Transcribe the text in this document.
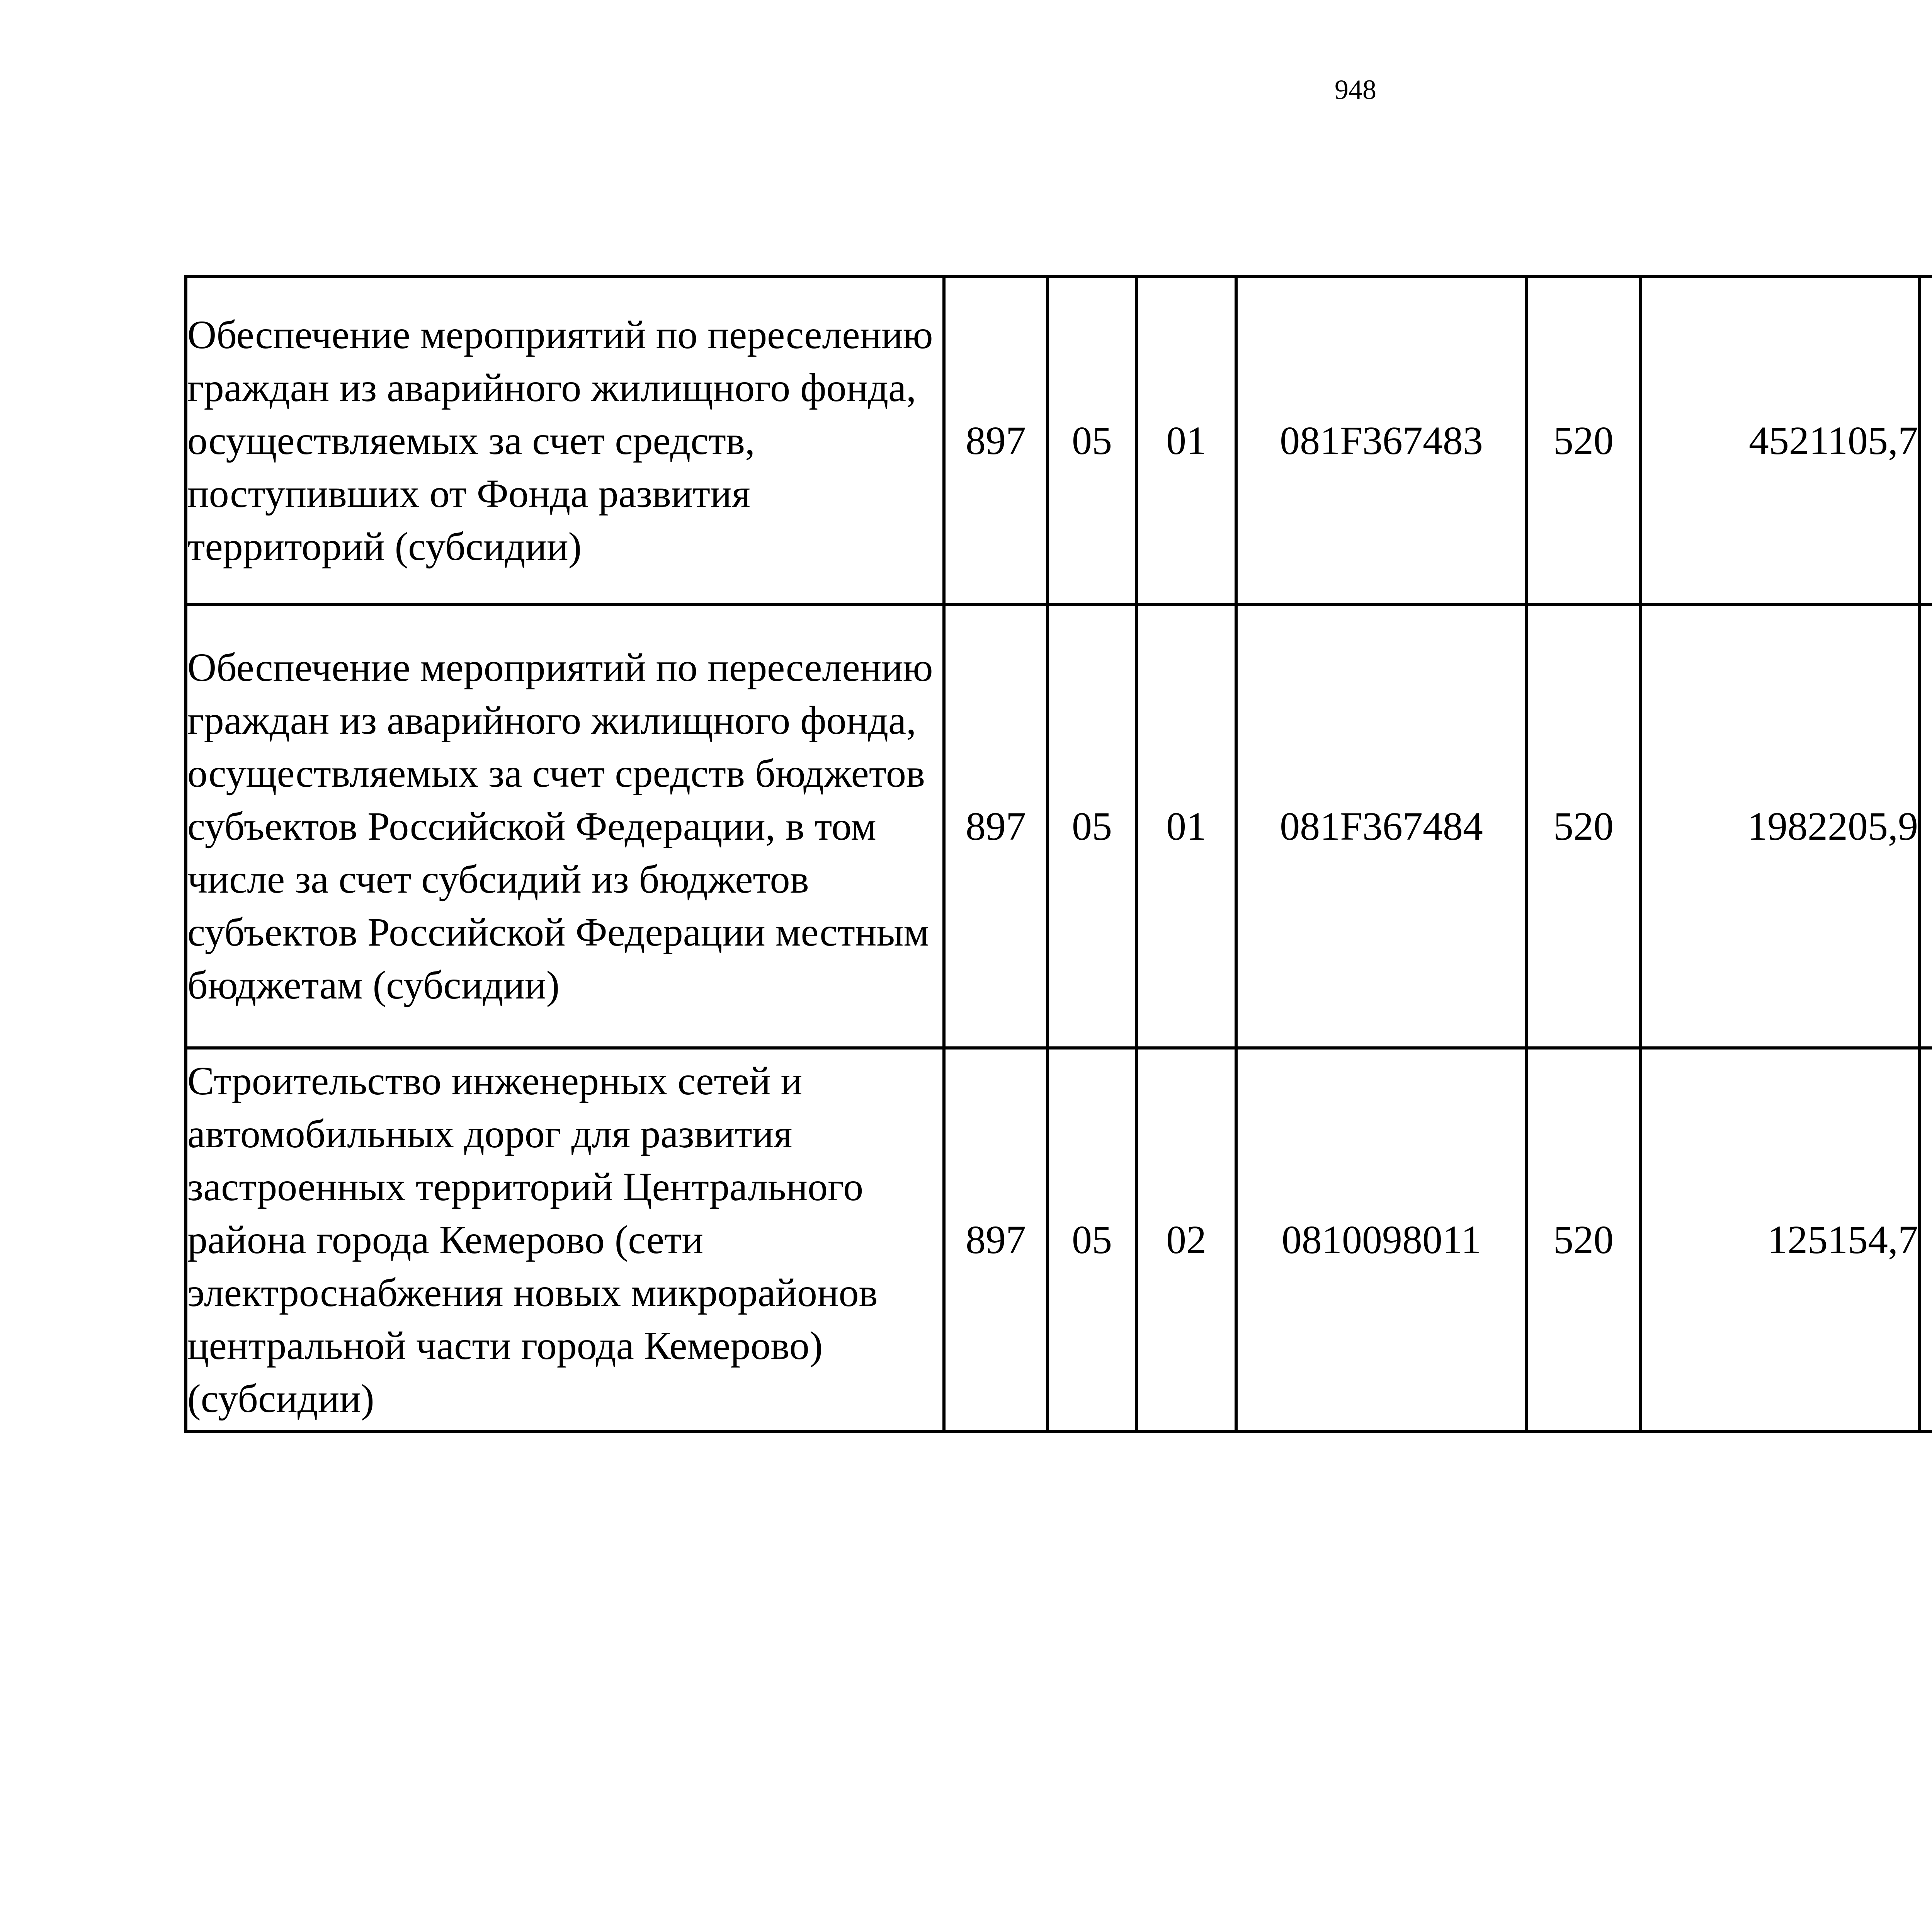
948
Обеспечение мероприятий по переселению граждан из аварийного жилищного фонда, осуществляемых за счет средств, поступивших от Фонда развития территорий (субсидии)	897	05	01	081F367483	520	4521105,7		
Обеспечение мероприятий по переселению граждан из аварийного жилищного фонда, осуществляемых за счет средств бюджетов субъектов Российской Федерации, в том числе за счет субсидий из бюджетов субъектов Российской Федерации местным бюджетам (субсидии)	897	05	01	081F367484	520	1982205,9		
Строительство инженерных сетей и автомобильных дорог для развития застроенных территорий Центрального района города Кемерово (сети электроснабжения новых микрорайонов центральной части города Кемерово) (субсидии)	897	05	02	0810098011	520	125154,7		
